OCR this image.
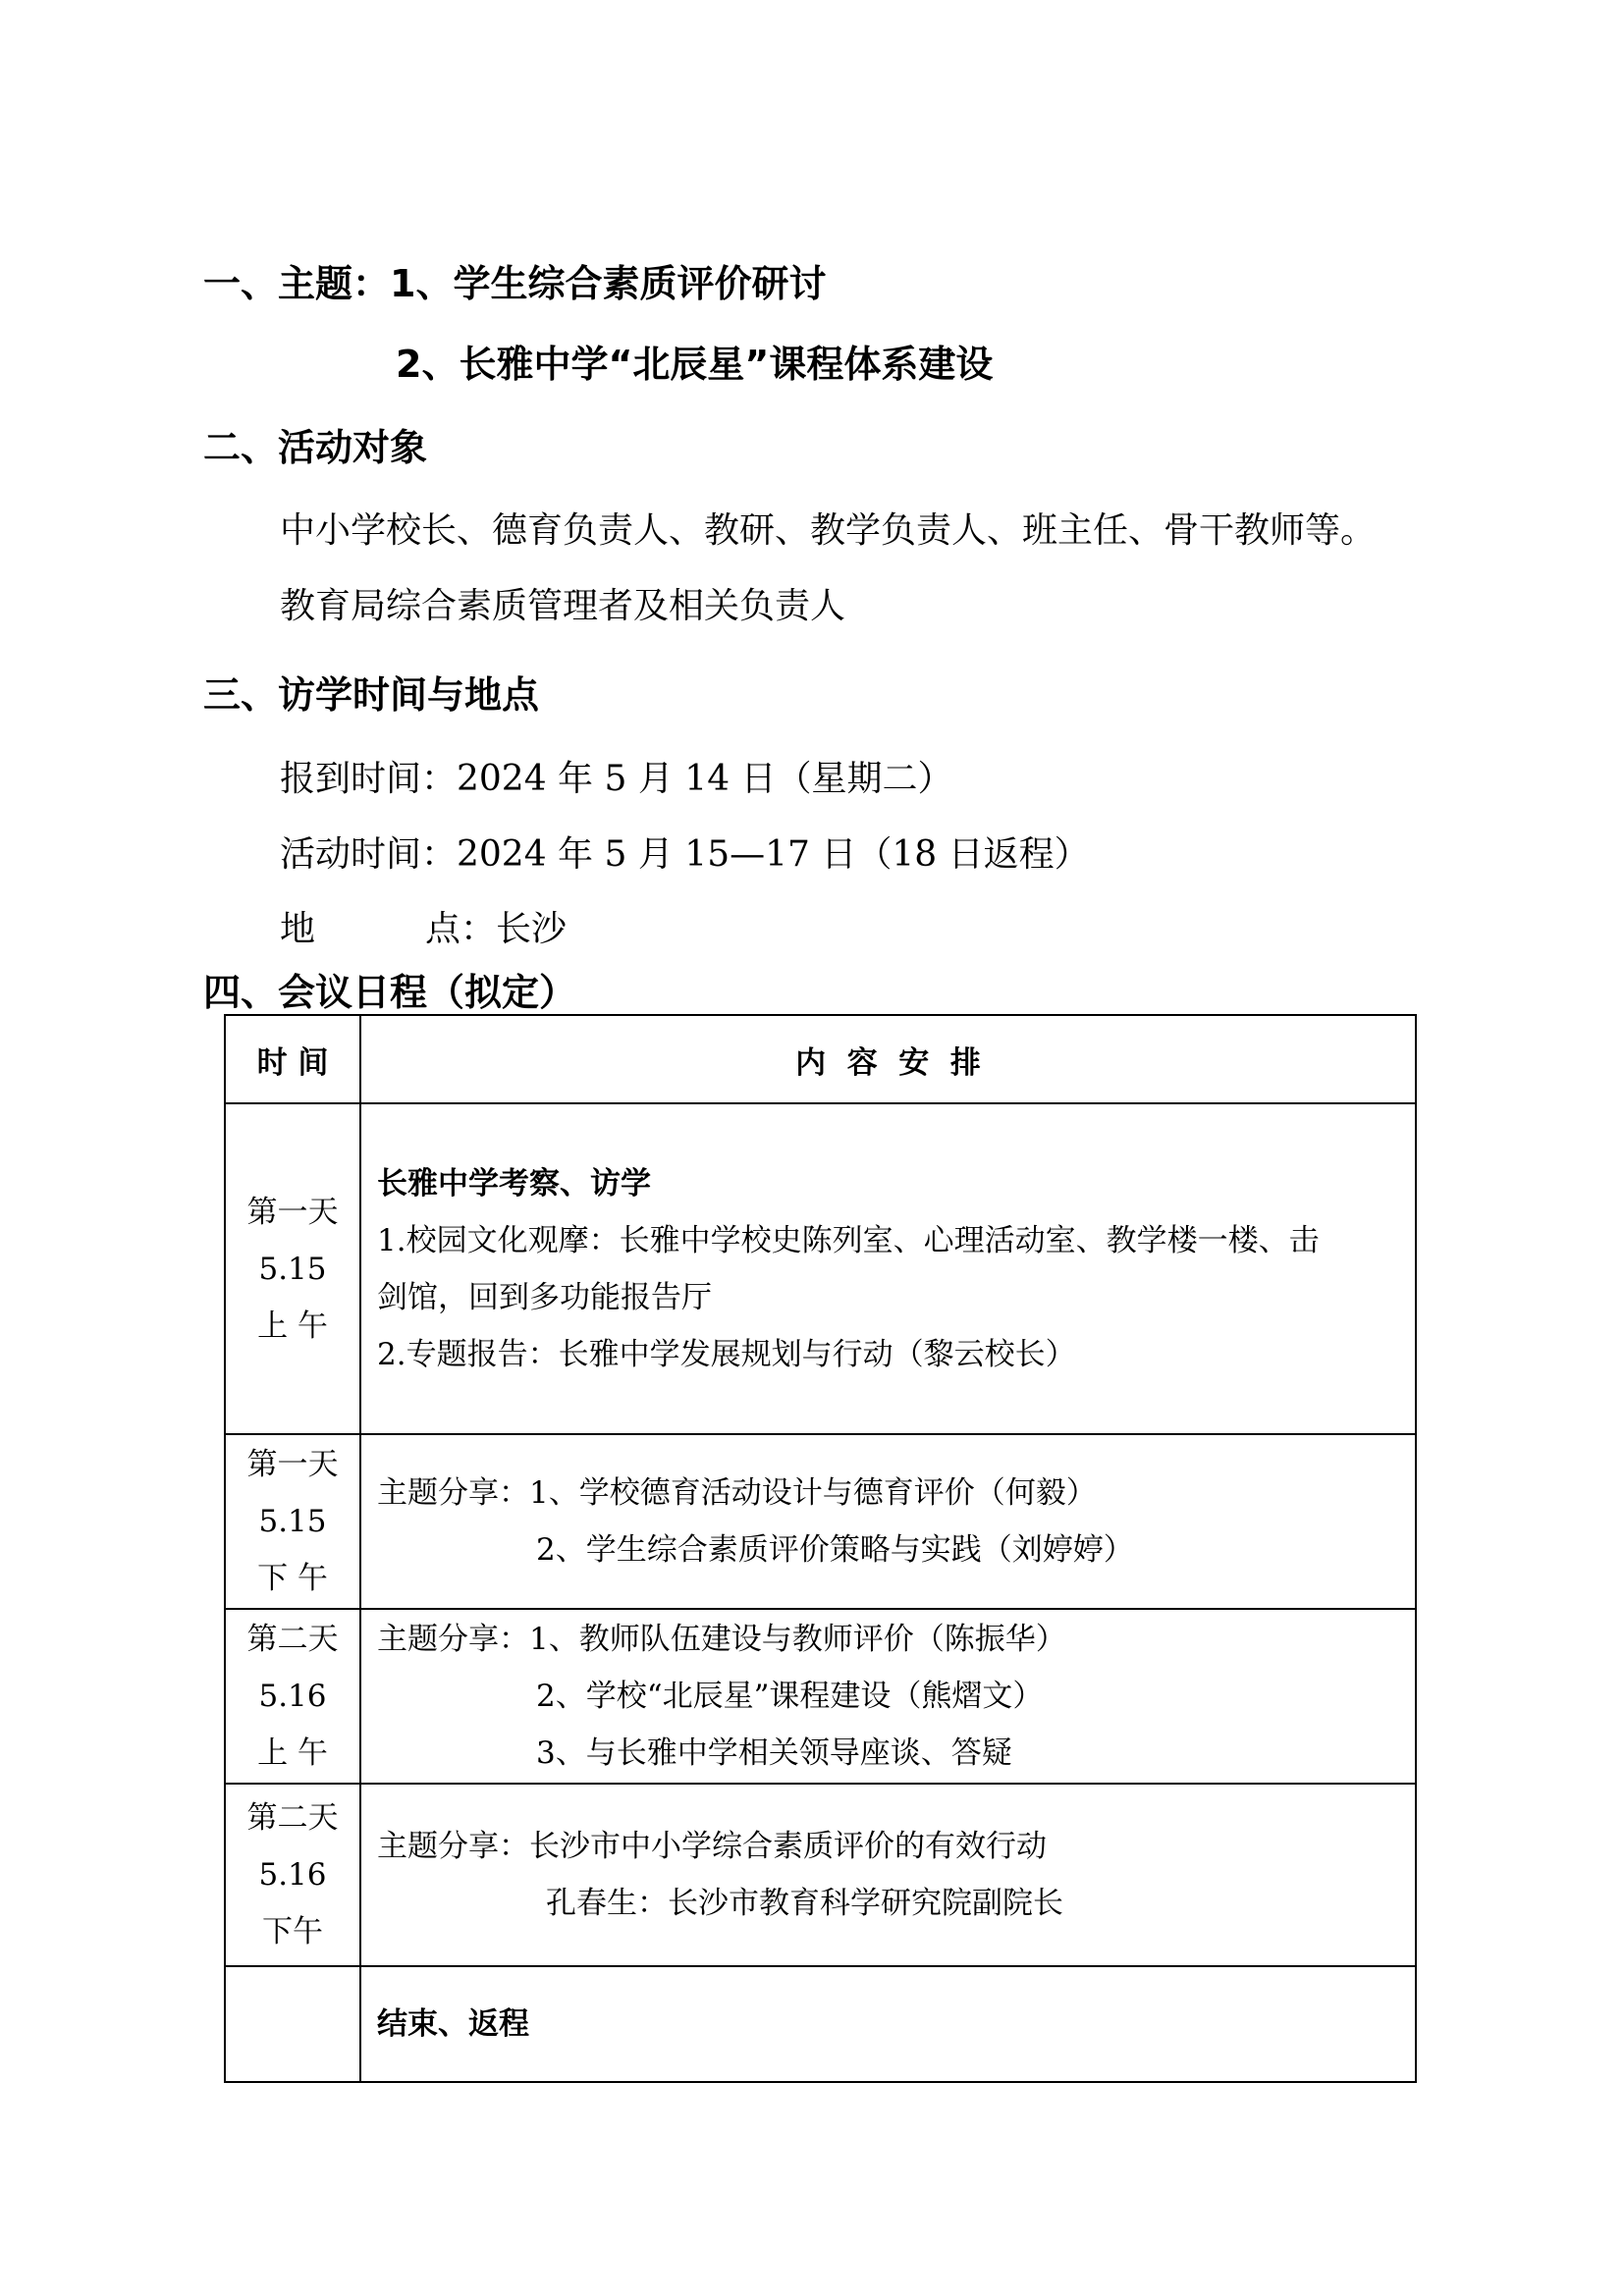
一、主题：1、学生综合素质评价研讨
2、长雅中学“北辰星”课程体系建设
二、活动对象
中小学校长、德育负责人、教研、教学负责人、班主任、骨干教师等。
教育局综合素质管理者及相关负责人
三、访学时间与地点
报到时间：2024 年 5 月 14 日（星期二）
活动时间：2024 年 5 月 15—17 日（18 日返程）
地	点：长沙
四、会议日程（拟定）
时 间	内  容  安  排

第一天
5.15
上 午	长雅中学考察、访学
1.校园文化观摩：长雅中学校史陈列室、心理活动室、教学楼一楼、击
剑馆，回到多功能报告厅
2.专题报告：长雅中学发展规划与行动（黎云校长）

第一天
5.15
下 午	主题分享：1、学校德育活动设计与德育评价（何毅）
2、学生综合素质评价策略与实践（刘婷婷）

第二天
5.16
上 午	主题分享：1、教师队伍建设与教师评价（陈振华）
2、学校“北辰星”课程建设（熊熠文）
3、与长雅中学相关领导座谈、答疑

第二天
5.16
下午	主题分享：长沙市中小学综合素质评价的有效行动
孔春生：长沙市教育科学研究院副院长

	结束、返程
